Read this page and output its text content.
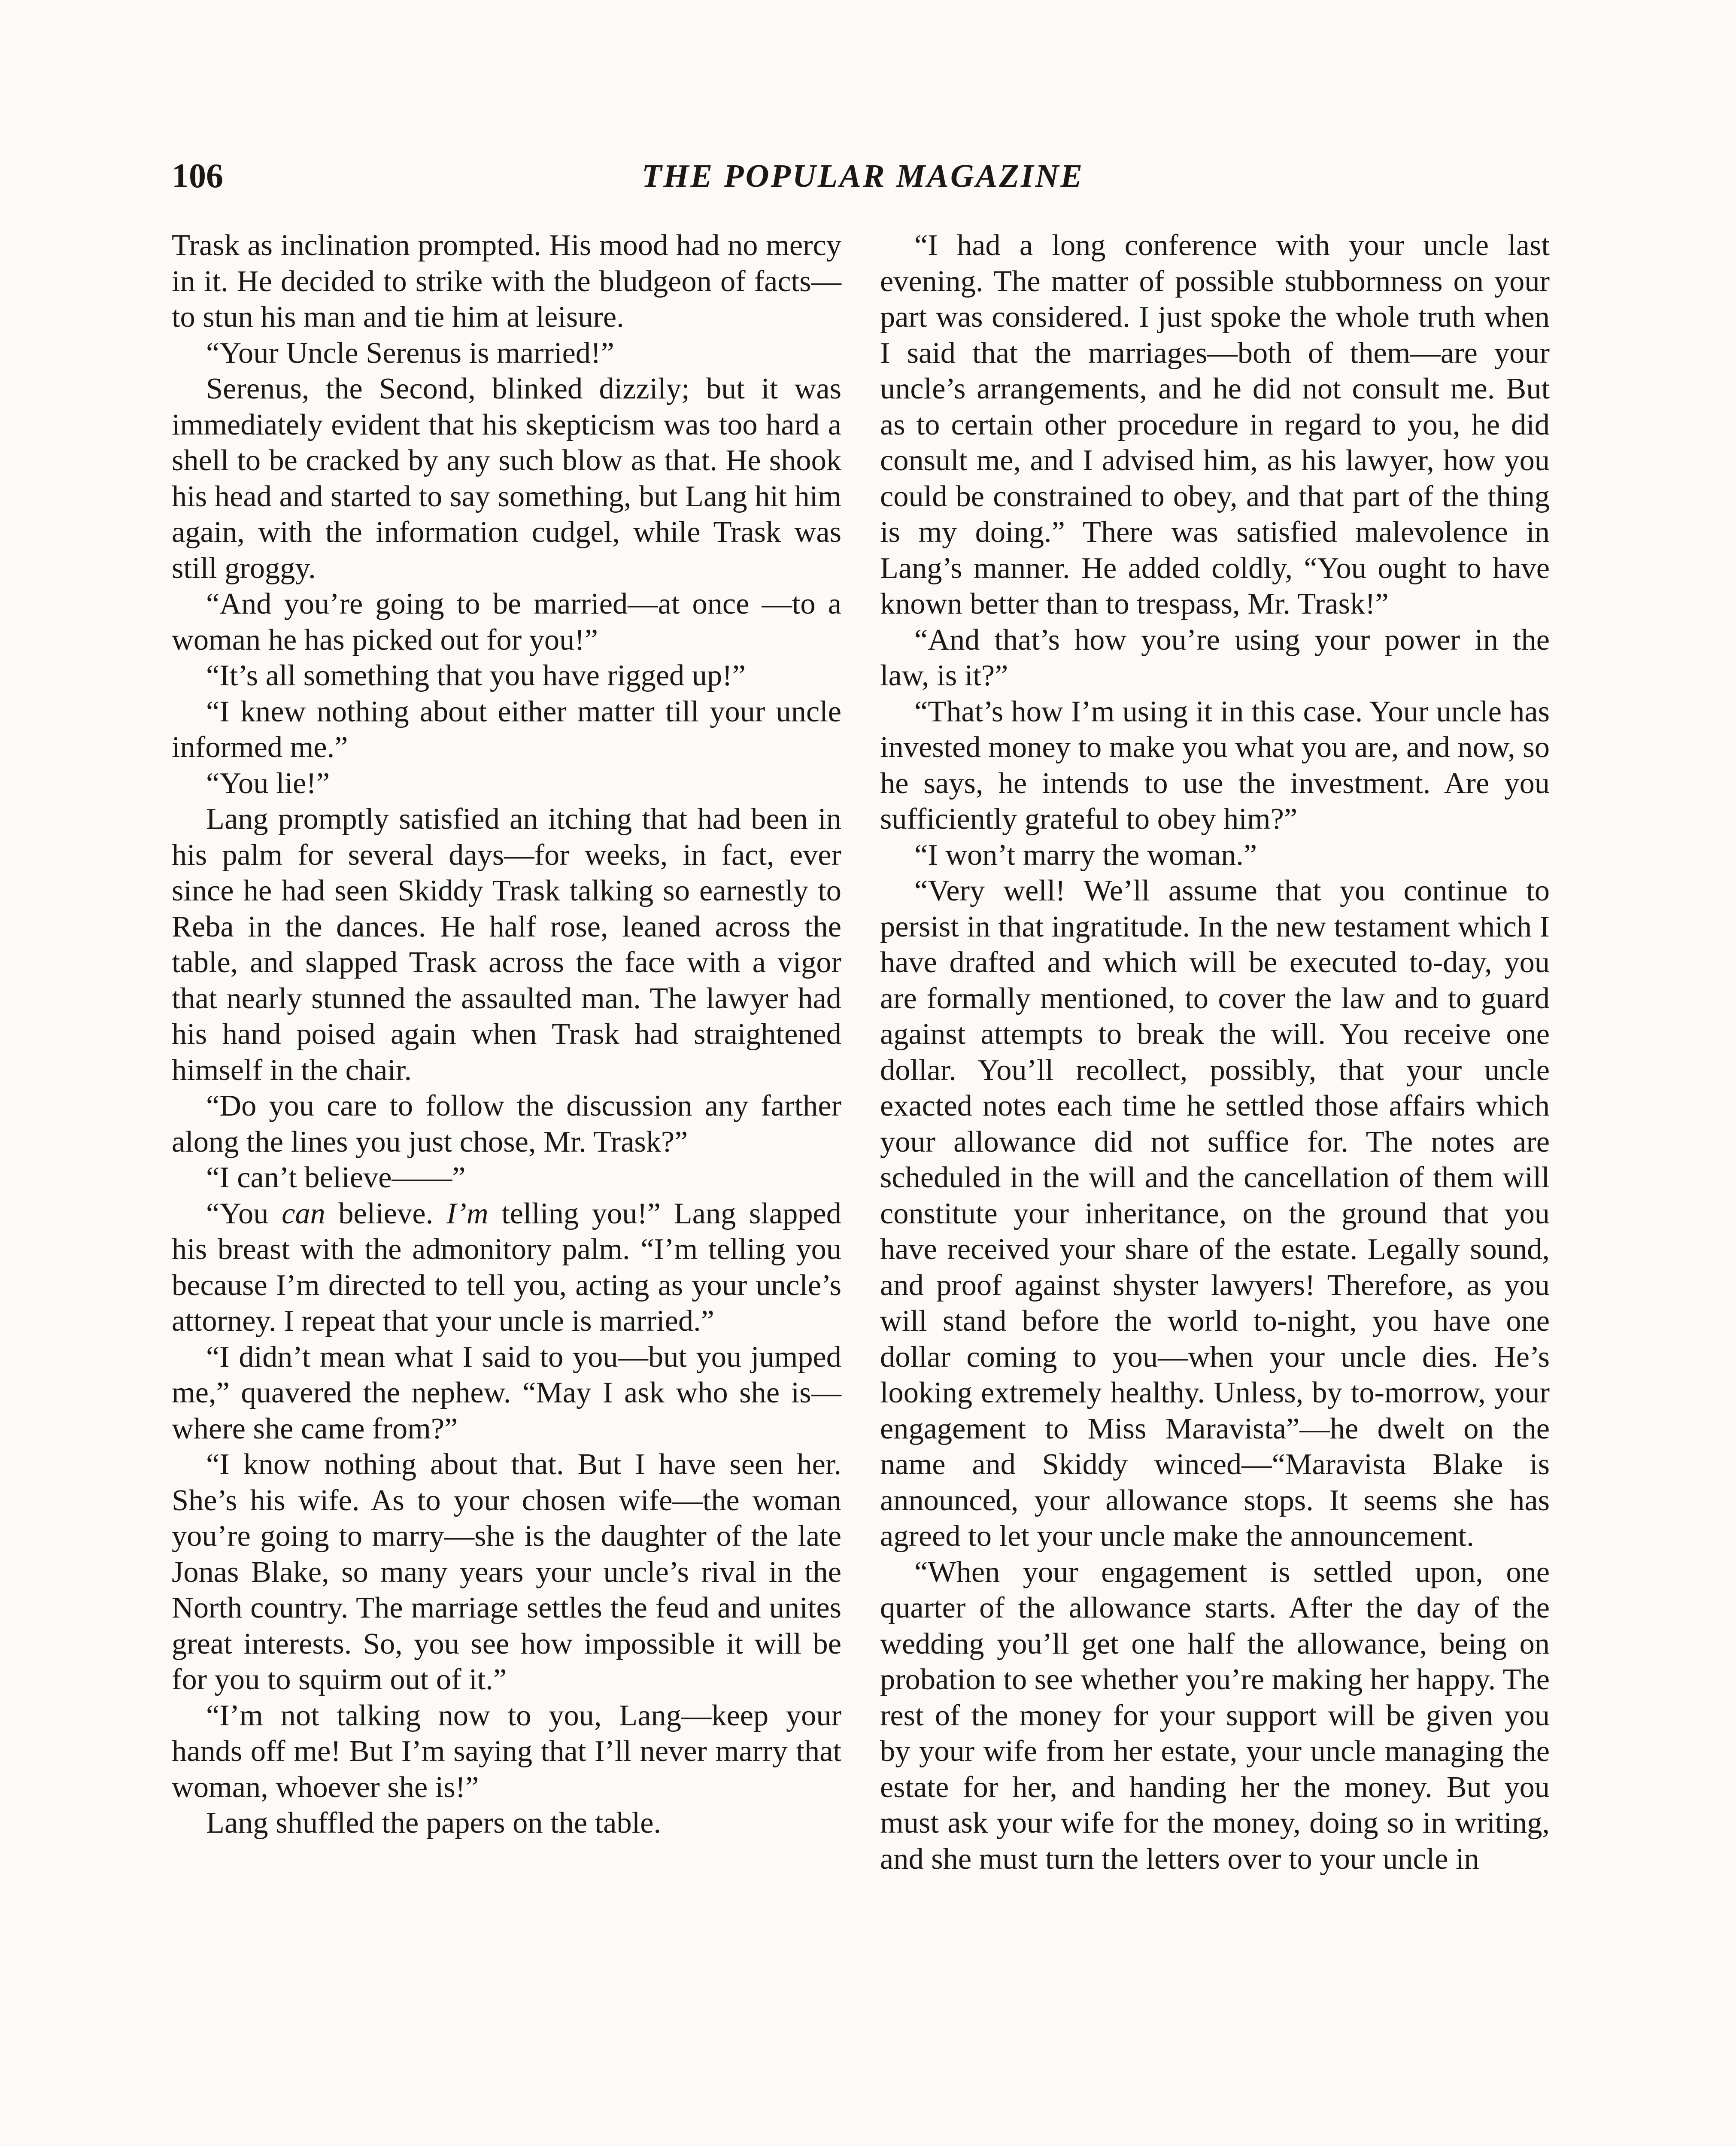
THE POPULAR MAGAZINE
106

Trask as inclination prompted. His mood had no mercy in it. He decided to strike with the bludgeon of facts—to stun his man and tie him at leisure.

“Your Uncle Serenus is married!”

Serenus, the Second, blinked dizzily; but it was immediately evident that his skepticism was too hard a shell to be cracked by any such blow as that. He shook his head and started to say something, but Lang hit him again, with the information cudgel, while Trask was still groggy.

“And you’re going to be married—at once —to a woman he has picked out for you!”

“It’s all something that you have rigged up!”

“I knew nothing about either matter till your uncle informed me.”

“You lie!”

Lang promptly satisfied an itching that had been in his palm for several days—for weeks, in fact, ever since he had seen Skiddy Trask talking so earnestly to Reba in the dances. He half rose, leaned across the table, and slapped Trask across the face with a vigor that nearly stunned the assaulted man. The lawyer had his hand poised again when Trask had straightened himself in the chair.

“Do you care to follow the discussion any farther along the lines you just chose, Mr. Trask?”

“I can’t believe——”

“You can believe. I’m telling you!” Lang slapped his breast with the admonitory palm. “I’m telling you because I’m directed to tell you, acting as your uncle’s attorney. I repeat that your uncle is married.”

“I didn’t mean what I said to you—but you jumped me,” quavered the nephew. “May I ask who she is—where she came from?”

“I know nothing about that. But I have seen her. She’s his wife. As to your chosen wife—the woman you’re going to marry—she is the daughter of the late Jonas Blake, so many years your uncle’s rival in the North country. The marriage settles the feud and unites great interests. So, you see how impossible it will be for you to squirm out of it.”

“I’m not talking now to you, Lang—keep your hands off me! But I’m saying that I’ll never marry that woman, whoever she is!”

Lang shuffled the papers on the table.

“I had a long conference with your uncle last evening. The matter of possible stubbornness on your part was considered. I just spoke the whole truth when I said that the marriages—both of them—are your uncle’s arrangements, and he did not consult me. But as to certain other procedure in regard to you, he did consult me, and I advised him, as his lawyer, how you could be constrained to obey, and that part of the thing is my doing.” There was satisfied malevolence in Lang’s manner. He added coldly, “You ought to have known better than to trespass, Mr. Trask!”

“And that’s how you’re using your power in the law, is it?”

“That’s how I’m using it in this case. Your uncle has invested money to make you what you are, and now, so he says, he intends to use the investment. Are you sufficiently grateful to obey him?”

“I won’t marry the woman.”

“Very well! We’ll assume that you continue to persist in that ingratitude. In the new testament which I have drafted and which will be executed to-day, you are formally mentioned, to cover the law and to guard against attempts to break the will. You receive one dollar. You’ll recollect, possibly, that your uncle exacted notes each time he settled those affairs which your allowance did not suffice for. The notes are scheduled in the will and the cancellation of them will constitute your inheritance, on the ground that you have received your share of the estate. Legally sound, and proof against shyster lawyers! Therefore, as you will stand before the world to-night, you have one dollar coming to you—when your uncle dies. He’s looking extremely healthy. Unless, by to-morrow, your engagement to Miss Maravista”—he dwelt on the name and Skiddy winced—“Maravista Blake is announced, your allowance stops. It seems she has agreed to let your uncle make the announcement.

“When your engagement is settled upon, one quarter of the allowance starts. After the day of the wedding you’ll get one half the allowance, being on probation to see whether you’re making her happy. The rest of the money for your support will be given you by your wife from her estate, your uncle managing the estate for her, and handing her the money. But you must ask your wife for the money, doing so in writing, and she must turn the letters over to your uncle in
